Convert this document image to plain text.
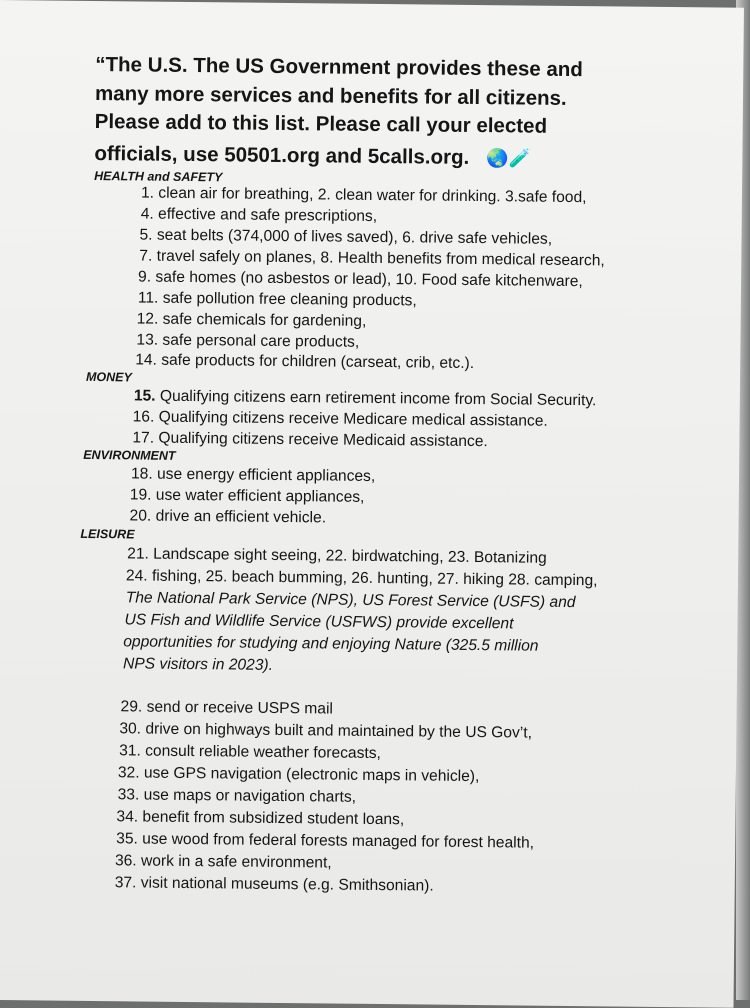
“The U.S. The US Government provides these and
many more services and benefits for all citizens.
Please add to this list. Please call your elected
officials, use 50501.org and 5calls.org. 🌏🧪
HEALTH and SAFETY
1. clean air for breathing, 2. clean water for drinking. 3.safe food,
4. effective and safe prescriptions,
5. seat belts (374,000 of lives saved), 6. drive safe vehicles,
7. travel safely on planes, 8. Health benefits from medical research,
9. safe homes (no asbestos or lead), 10. Food safe kitchenware,
11. safe pollution free cleaning products,
12. safe chemicals for gardening,
13. safe personal care products,
14. safe products for children (carseat, crib, etc.).
MONEY
15. Qualifying citizens earn retirement income from Social Security.
16. Qualifying citizens receive Medicare medical assistance.
17. Qualifying citizens receive Medicaid assistance.
ENVIRONMENT
18. use energy efficient appliances,
19. use water efficient appliances,
20. drive an efficient vehicle.
LEISURE
21. Landscape sight seeing, 22. birdwatching, 23. Botanizing
24. fishing, 25. beach bumming, 26. hunting, 27. hiking 28. camping,
The National Park Service (NPS), US Forest Service (USFS) and
US Fish and Wildlife Service (USFWS) provide excellent
opportunities for studying and enjoying Nature (325.5 million
NPS visitors in 2023).
29. send or receive USPS mail
30. drive on highways built and maintained by the US Gov’t,
31. consult reliable weather forecasts,
32. use GPS navigation (electronic maps in vehicle),
33. use maps or navigation charts,
34. benefit from subsidized student loans,
35. use wood from federal forests managed for forest health,
36. work in a safe environment,
37. visit national museums (e.g. Smithsonian).
